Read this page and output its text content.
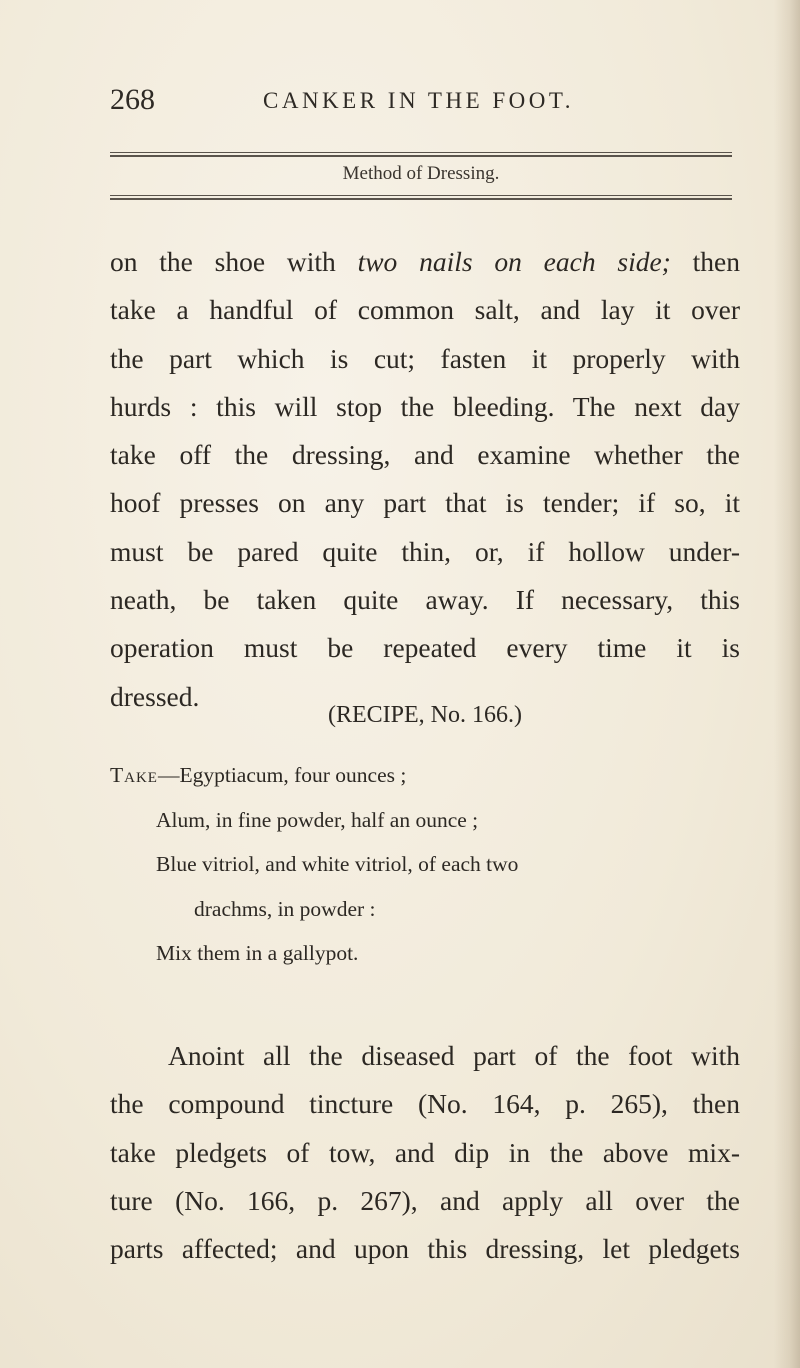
268	CANKER IN THE FOOT.
Method of Dressing.
on the shoe with two nails on each side; then
take a handful of common salt, and lay it over
the part which is cut; fasten it properly with
hurds : this will stop the bleeding. The next day
take off the dressing, and examine whether the
hoof presses on any part that is tender; if so, it
must be pared quite thin, or, if hollow under-
neath, be taken quite away. If necessary, this
operation must be repeated every time it is
dressed.
(RECIPE, No. 166.)
Take—Egyptiacum, four ounces ;
Alum, in fine powder, half an ounce ;
Blue vitriol, and white vitriol, of each two
drachms, in powder :
Mix them in a gallypot.
Anoint all the diseased part of the foot with
the compound tincture (No. 164, p. 265), then
take pledgets of tow, and dip in the above mix-
ture (No. 166, p. 267), and apply all over the
parts affected; and upon this dressing, let pledgets
